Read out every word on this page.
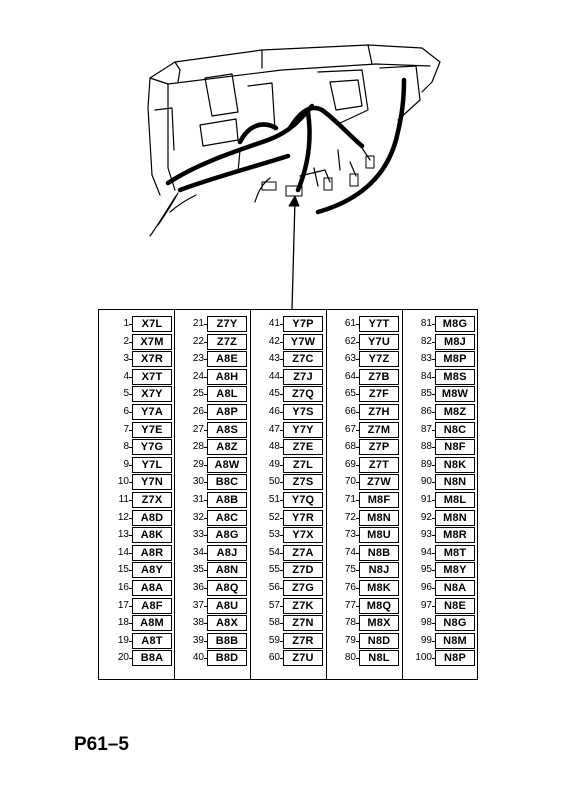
1	X7L
2	X7M
3	X7R
4	X7T
5	X7Y
6	Y7A
7	Y7E
8	Y7G
9	Y7L
10	Y7N
11	Z7X
12	A8D
13	A8K
14	A8R
15	A8Y
16	A8A
17	A8F
18	A8M
19	A8T
20	B8A
21	Z7Y
22	Z7Z
23	A8E
24	A8H
25	A8L
26	A8P
27	A8S
28	A8Z
29 A8W
30	B8C
31	A8B
32	A8C
33	A8G
34	A8J
35	A8N
36	A8Q
37	A8U
38	A8X
39	B8B
40	B8D
41	Y7P
42 Y7W
43	Z7C
44	Z7J
45	Z7Q
46	Y7S
47	Y7Y
48	Z7E
49	Z7L
50	Z7S
51	Y7Q
52	Y7R
53	Y7X
54	Z7A
55	Z7D
56	Z7G
57	Z7K
58	Z7N
59	Z7R
60	Z7U
61	Y7T
62	Y7U
63	Y7Z
64	Z7B
65	Z7F
66	Z7H
67	Z7M
68	Z7P
69	Z7T
70	Z7W
71	M8F
72	M8N
73	M8U
74	N8B
75	N8J
76	M8K
77 M8Q
78	M8X
79	N8D
80	N8L
81 M8G
82	M8J
83	M8P
84	M8S
85 M8W
86	M8Z
87	N8C
88	N8F
89	N8K
90	N8N
91	M8L
92	M8N
93	M8R
94	M8T
95	M8Y
96	N8A
97	N8E
98	N8G
99	N8M
100	N8P
P61–5
